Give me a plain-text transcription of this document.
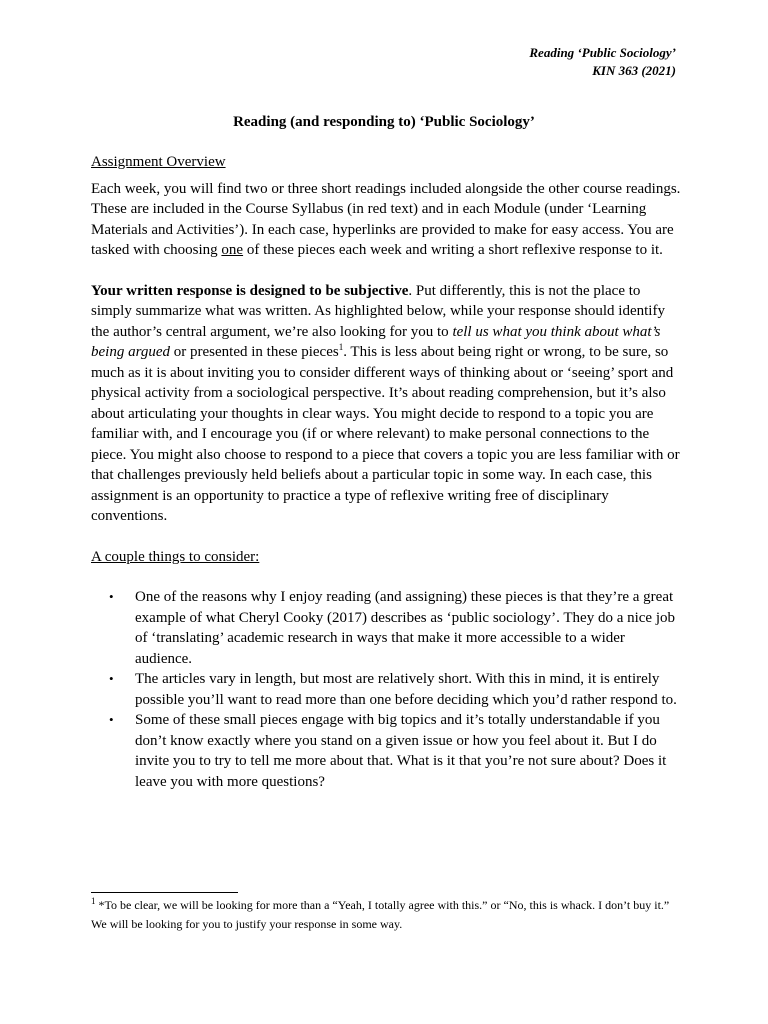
Reading ‘Public Sociology’
KIN 363 (2021)
Reading (and responding to) ‘Public Sociology’

Assignment Overview

Each week, you will find two or three short readings included alongside the other course readings. These are included in the Course Syllabus (in red text) and in each Module (under ‘Learning Materials and Activities’). In each case, hyperlinks are provided to make for easy access. You are tasked with choosing one of these pieces each week and writing a short reflexive response to it.

Your written response is designed to be subjective. Put differently, this is not the place to simply summarize what was written. As highlighted below, while your response should identify the author’s central argument, we’re also looking for you to tell us what you think about what’s being argued or presented in these pieces$^1$. This is less about being right or wrong, to be sure, so much as it is about inviting you to consider different ways of thinking about or ‘seeing’ sport and physical activity from a sociological perspective. It’s about reading comprehension, but it’s also about articulating your thoughts in clear ways. You might decide to respond to a topic you are familiar with, and I encourage you (if or where relevant) to make personal connections to the piece. You might also choose to respond to a piece that covers a topic you are less familiar with or that challenges previously held beliefs about a particular topic in some way. In each case, this assignment is an opportunity to practice a type of reflexive writing free of disciplinary conventions.

A couple things to consider:

• One of the reasons why I enjoy reading (and assigning) these pieces is that they’re a great example of what Cheryl Cooky (2017) describes as ‘public sociology’. They do a nice job of ‘translating’ academic research in ways that make it more accessible to a wider audience.
• The articles vary in length, but most are relatively short. With this in mind, it is entirely possible you’ll want to read more than one before deciding which you’d rather respond to.
• Some of these small pieces engage with big topics and it’s totally understandable if you don’t know exactly where you stand on a given issue or how you feel about it. But I do invite you to try to tell me more about that. What is it that you’re not sure about? Does it leave you with more questions?
$^1$ *To be clear, we will be looking for more than a “Yeah, I totally agree with this.” or “No, this is whack. I don’t buy it.” We will be looking for you to justify your response in some way.
